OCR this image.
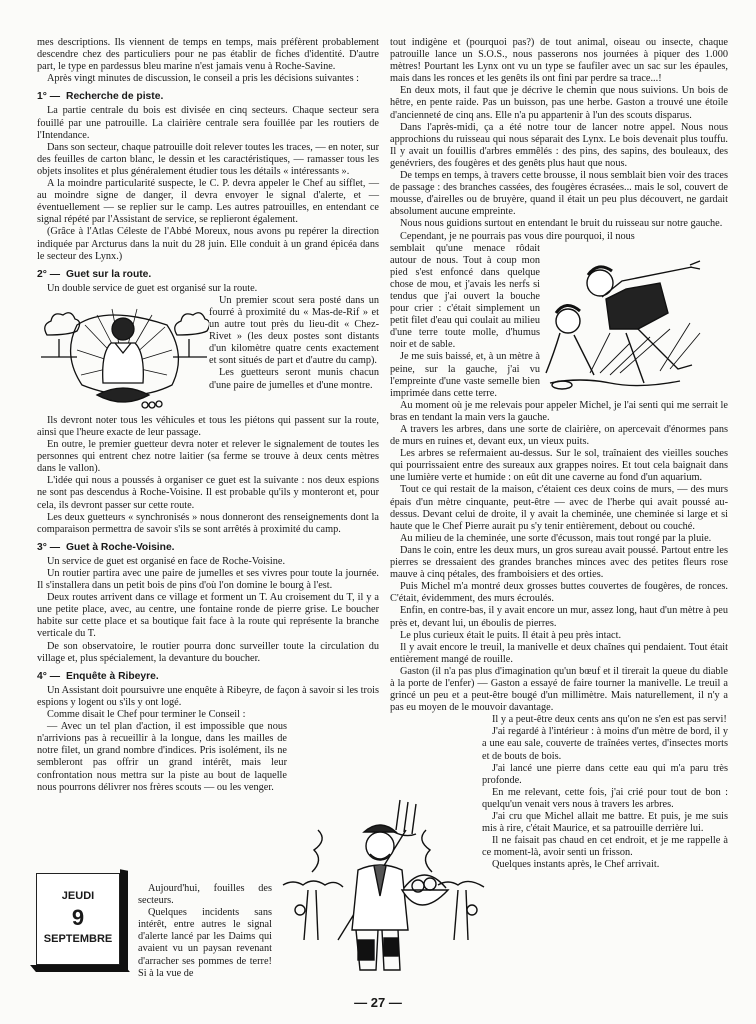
mes descriptions. Ils viennent de temps en temps, mais préfèrent probablement descendre chez des particuliers pour ne pas établir de fiches d'identité. D'autre part, le type en pardessus bleu marine n'est jamais venu à Roche-Savine.

Après vingt minutes de discussion, le conseil a pris les décisions suivantes :

1° — Recherche de piste.

La partie centrale du bois est divisée en cinq secteurs. Chaque secteur sera fouillé par une patrouille. La clairière centrale sera fouillée par les routiers de l'Intendance.

Dans son secteur, chaque patrouille doit relever toutes les traces, — en noter, sur des feuilles de carton blanc, le dessin et les caractéristiques, — ramasser tous les objets insolites et plus généralement étudier tous les détails « intéressants ».

A la moindre particularité suspecte, le C. P. devra appeler le Chef au sifflet, — au moindre signe de danger, il devra envoyer le signal d'alerte, et — éventuellement — se replier sur le camp. Les autres patrouilles, en entendant ce signal répété par l'Assistant de service, se replieront également.

(Grâce à l'Atlas Céleste de l'Abbé Moreux, nous avons pu repérer la direction indiquée par Arcturus dans la nuit du 28 juin. Elle conduit à un grand épicéa dans le secteur des Lynx.)

2° — Guet sur la route.

Un double service de guet est organisé sur la route.

Un premier scout sera posté dans un fourré à proximité du « Mas-de-Rif » et un autre tout près du lieu-dit « Chez-Rivet » (les deux postes sont distants d'un kilomètre quatre cents exactement et sont situés de part et d'autre du camp).

Les guetteurs seront munis chacun d'une paire de jumelles et d'une montre.

Ils devront noter tous les véhicules et tous les piétons qui passent sur la route, ainsi que l'heure exacte de leur passage.

En outre, le premier guetteur devra noter et relever le signalement de toutes les personnes qui entrent chez notre laitier (sa ferme se trouve à deux cents mètres dans le vallon).

L'idée qui nous a poussés à organiser ce guet est la suivante : nos deux espions ne sont pas descendus à Roche-Voisine. Il est probable qu'ils y monteront et, pour cela, ils devront passer sur cette route.

Les deux guetteurs « synchronisés » nous donneront des renseignements dont la comparaison permettra de savoir s'ils se sont arrêtés à proximité du camp.

3° — Guet à Roche-Voisine.

Un service de guet est organisé en face de Roche-Voisine.

Un routier partira avec une paire de jumelles et ses vivres pour toute la journée. Il s'installera dans un petit bois de pins d'où l'on domine le bourg à l'est.

Deux routes arrivent dans ce village et forment un T. Au croisement du T, il y a une petite place, avec, au centre, une fontaine ronde de pierre grise. Le boucher habite sur cette place et sa boutique fait face à la route qui représente la branche verticale du T.

De son observatoire, le routier pourra donc surveiller toute la circulation du village et, plus spécialement, la devanture du boucher.

4° — Enquête à Ribeyre.

Un Assistant doit poursuivre une enquête à Ribeyre, de façon à savoir si les trois espions y logent ou s'ils y ont logé.

Comme disait le Chef pour terminer le Conseil :

— Avec un tel plan d'action, il est impossible que nous n'arrivions pas à recueillir à la longue, dans les mailles de notre filet, un grand nombre d'indices. Pris isolément, ils ne sembleront pas offrir un grand intérêt, mais leur confrontation nous mettra sur la piste au bout de laquelle nous pourrons délivrer nos frères scouts — ou les venger.

JEUDI
9
SEPTEMBRE

Aujourd'hui, fouilles des secteurs.

Quelques incidents sans intérêt, entre autres le signal d'alerte lancé par les Daims qui avaient vu un paysan revenant d'arracher ses pommes de terre! Si à la vue de

tout indigène et (pourquoi pas?) de tout animal, oiseau ou insecte, chaque patrouille lance un S.O.S., nous passerons nos journées à piquer des 1.000 mètres! Pourtant les Lynx ont vu un type se faufiler avec un sac sur les épaules, mais dans les ronces et les genêts ils ont fini par perdre sa trace...!

En deux mots, il faut que je décrive le chemin que nous suivions. Un bois de hêtre, en pente raide. Pas un buisson, pas une herbe. Gaston a trouvé une étoile d'ancienneté de cinq ans. Elle n'a pu appartenir à l'un des scouts disparus.

Dans l'après-midi, ça a été notre tour de lancer notre appel. Nous nous approchions du ruisseau qui nous séparait des Lynx. Le bois devenait plus touffu. Il y avait un fouillis d'arbres emmêlés : des pins, des sapins, des bouleaux, des genévriers, des fougères et des genêts plus haut que nous.

De temps en temps, à travers cette brousse, il nous semblait bien voir des traces de passage : des branches cassées, des fougères écrasées... mais le sol, couvert de mousse, d'airelles ou de bruyère, quand il était un peu plus découvert, ne gardait absolument aucune empreinte.

Nous nous guidions surtout en entendant le bruit du ruisseau sur notre gauche.

Cependant, je ne pourrais pas vous dire pourquoi, il nous

semblait qu'une menace rôdait autour de nous. Tout à coup mon pied s'est enfoncé dans quelque chose de mou, et j'avais les nerfs si tendus que j'ai ouvert la bouche pour crier : c'était simplement un petit filet d'eau qui coulait au milieu d'une terre toute molle, d'humus noir et de sable.

Je me suis baissé, et, à un mètre à peine, sur la gauche, j'ai vu l'empreinte d'une vaste semelle bien imprimée dans cette terre.

Au moment où je me relevais pour appeler Michel, je l'ai senti qui me serrait le bras en tendant la main vers la gauche.

A travers les arbres, dans une sorte de clairière, on apercevait d'énormes pans de murs en ruines et, devant eux, un vieux puits.

Les arbres se refermaient au-dessus. Sur le sol, traînaient des vieilles souches qui pourrissaient entre des sureaux aux grappes noires. Et tout cela baignait dans une lumière verte et humide : on eût dit une caverne au fond d'un aquarium.

Tout ce qui restait de la maison, c'étaient ces deux coins de murs, — des murs épais d'un mètre cinquante, peut-être — avec de l'herbe qui avait poussé au-dessus. Devant celui de droite, il y avait la cheminée, une cheminée si large et si haute que le Chef Pierre aurait pu s'y tenir entièrement, debout ou couché.

Au milieu de la cheminée, une sorte d'écusson, mais tout rongé par la pluie.

Dans le coin, entre les deux murs, un gros sureau avait poussé. Partout entre les pierres se dressaient des grandes branches minces avec des petites fleurs rose mauve à cinq pétales, des framboisiers et des orties.

Puis Michel m'a montré deux grosses buttes couvertes de fougères, de ronces. C'était, évidemment, des murs écroulés.

Enfin, en contre-bas, il y avait encore un mur, assez long, haut d'un mètre à peu près et, devant lui, un éboulis de pierres.

Le plus curieux était le puits. Il était à peu près intact.

Il y avait encore le treuil, la manivelle et deux chaînes qui pendaient. Tout était entièrement mangé de rouille.

Gaston (il n'a pas plus d'imagination qu'un bœuf et il tirerait la queue du diable à la porte de l'enfer) — Gaston a essayé de faire tourner la manivelle. Le treuil a grincé un peu et a peut-être bougé d'un millimètre. Mais naturellement, il n'y a pas eu moyen de le mouvoir davantage.

Il y a peut-être deux cents ans qu'on ne s'en est pas servi!

J'ai regardé à l'intérieur : à moins d'un mètre de bord, il y a une eau sale, couverte de traînées vertes, d'insectes morts et de bouts de bois.

J'ai lancé une pierre dans cette eau qui m'a paru très profonde.

En me relevant, cette fois, j'ai crié pour tout de bon : quelqu'un venait vers nous à travers les arbres.

J'ai cru que Michel allait me battre. Et puis, je me suis mis à rire, c'était Maurice, et sa patrouille derrière lui.

Il ne faisait pas chaud en cet endroit, et je me rappelle à ce moment-là, avoir senti un frisson.

Quelques instants après, le Chef arrivait.

— 27 —
